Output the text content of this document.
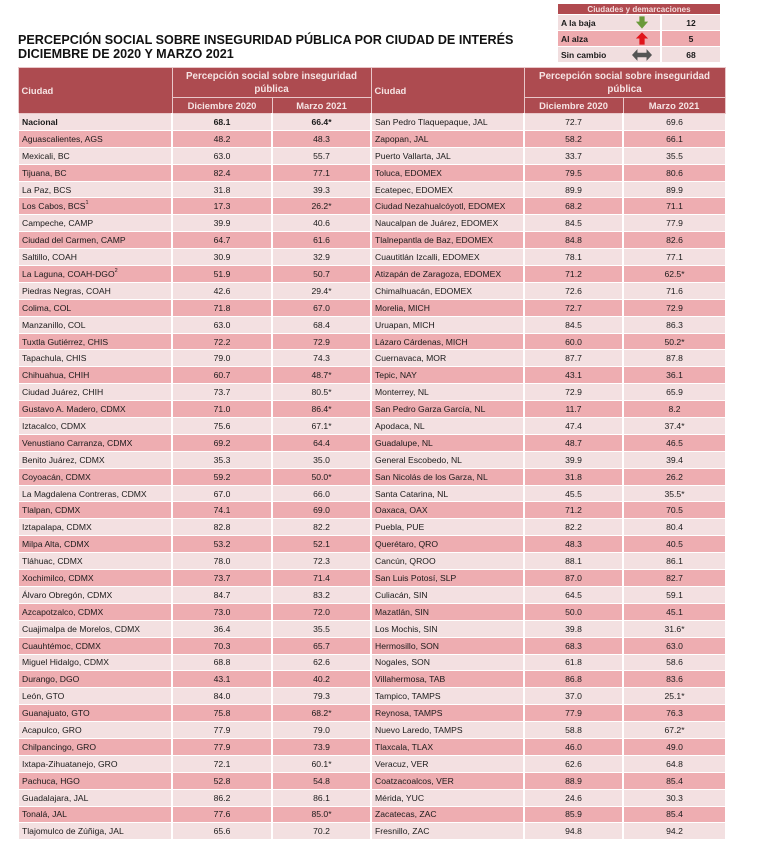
PERCEPCIÓN SOCIAL SOBRE INSEGURIDAD PÚBLICA POR CIUDAD DE INTERÉS
DICIEMBRE DE 2020 Y MARZO 2021
Ciudades y demarcaciones		
A la baja		12
Al alza		5
Sin cambio		68
Ciudad	Percepción social sobre inseguridad pública		Ciudad	Percepción social sobre inseguridad pública	
	Diciembre 2020	Marzo 2021		Diciembre 2020	Marzo 2021
Nacional	68.1	66.4*	San Pedro Tlaquepaque, JAL	72.7	69.6
Aguascalientes, AGS	48.2	48.3	Zapopan, JAL	58.2	66.1
Mexicali, BC	63.0	55.7	Puerto Vallarta, JAL	33.7	35.5
Tijuana, BC	82.4	77.1	Toluca, EDOMEX	79.5	80.6
La Paz, BCS	31.8	39.3	Ecatepec, EDOMEX	89.9	89.9
Los Cabos, BCS$^1$	17.3	26.2*	Ciudad Nezahualcóyotl, EDOMEX	68.2	71.1
Campeche, CAMP	39.9	40.6	Naucalpan de Juárez, EDOMEX	84.5	77.9
Ciudad del Carmen, CAMP	64.7	61.6	Tlalnepantla de Baz, EDOMEX	84.8	82.6
Saltillo, COAH	30.9	32.9	Cuautitlán Izcalli, EDOMEX	78.1	77.1
La Laguna, COAH-DGO$^2$	51.9	50.7	Atizapán de Zaragoza, EDOMEX	71.2	62.5*
Piedras Negras, COAH	42.6	29.4*	Chimalhuacán, EDOMEX	72.6	71.6
Colima, COL	71.8	67.0	Morelia, MICH	72.7	72.9
Manzanillo, COL	63.0	68.4	Uruapan, MICH	84.5	86.3
Tuxtla Gutiérrez, CHIS	72.2	72.9	Lázaro Cárdenas, MICH	60.0	50.2*
Tapachula, CHIS	79.0	74.3	Cuernavaca, MOR	87.7	87.8
Chihuahua, CHIH	60.7	48.7*	Tepic, NAY	43.1	36.1
Ciudad Juárez, CHIH	73.7	80.5*	Monterrey, NL	72.9	65.9
Gustavo A. Madero, CDMX	71.0	86.4*	San Pedro Garza García, NL	11.7	8.2
Iztacalco, CDMX	75.6	67.1*	Apodaca, NL	47.4	37.4*
Venustiano Carranza, CDMX	69.2	64.4	Guadalupe, NL	48.7	46.5
Benito Juárez, CDMX	35.3	35.0	General Escobedo, NL	39.9	39.4
Coyoacán, CDMX	59.2	50.0*	San Nicolás de los Garza, NL	31.8	26.2
La Magdalena Contreras, CDMX	67.0	66.0	Santa Catarina, NL	45.5	35.5*
Tlalpan, CDMX	74.1	69.0	Oaxaca, OAX	71.2	70.5
Iztapalapa, CDMX	82.8	82.2	Puebla, PUE	82.2	80.4
Milpa Alta, CDMX	53.2	52.1	Querétaro, QRO	48.3	40.5
Tláhuac, CDMX	78.0	72.3	Cancún, QROO	88.1	86.1
Xochimilco, CDMX	73.7	71.4	San Luis Potosí, SLP	87.0	82.7
Álvaro Obregón, CDMX	84.7	83.2	Culiacán, SIN	64.5	59.1
Azcapotzalco, CDMX	73.0	72.0	Mazatlán, SIN	50.0	45.1
Cuajimalpa de Morelos, CDMX	36.4	35.5	Los Mochis, SIN	39.8	31.6*
Cuauhtémoc, CDMX	70.3	65.7	Hermosillo, SON	68.3	63.0
Miguel Hidalgo, CDMX	68.8	62.6	Nogales, SON	61.8	58.6
Durango, DGO	43.1	40.2	Villahermosa, TAB	86.8	83.6
León, GTO	84.0	79.3	Tampico, TAMPS	37.0	25.1*
Guanajuato, GTO	75.8	68.2*	Reynosa, TAMPS	77.9	76.3
Acapulco, GRO	77.9	79.0	Nuevo Laredo, TAMPS	58.8	67.2*
Chilpancingo, GRO	77.9	73.9	Tlaxcala, TLAX	46.0	49.0
Ixtapa-Zihuatanejo, GRO	72.1	60.1*	Veracuz, VER	62.6	64.8
Pachuca, HGO	52.8	54.8	Coatzacoalcos, VER	88.9	85.4
Guadalajara, JAL	86.2	86.1	Mérida, YUC	24.6	30.3
Tonalá, JAL	77.6	85.0*	Zacatecas, ZAC	85.9	85.4
Tlajomulco de Zúñiga, JAL	65.6	70.2	Fresnillo, ZAC	94.8	94.2
